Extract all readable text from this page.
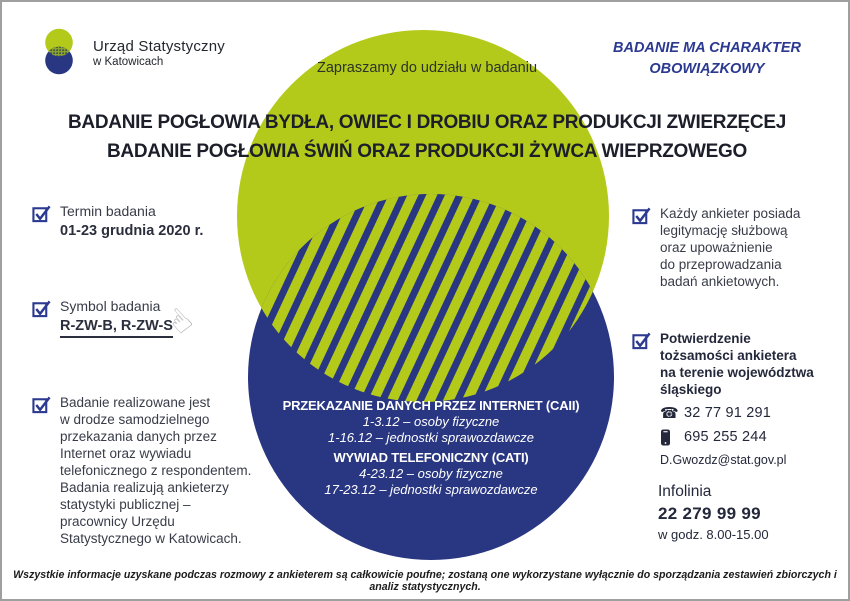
Urząd Statystyczny
w Katowicach
BADANIE MA CHARAKTER
OBOWIĄZKOWY
Zapraszamy do udziału w badaniu
BADANIE POGŁOWIA BYDŁA, OWIEC I DROBIU ORAZ PRODUKCJI ZWIERZĘCEJ
BADANIE POGŁOWIA ŚWIŃ ORAZ PRODUKCJI ŻYWCA WIEPRZOWEGO
Termin badania
01-23 grudnia 2020 r.
Symbol badania
R-ZW-B, R-ZW-S
☝
Badanie realizowane jest
w drodze samodzielnego
przekazania danych przez
Internet oraz wywiadu
telefonicznego z respondentem.
Badania realizują ankieterzy
statystyki publicznej –
pracownicy Urzędu
Statystycznego w Katowicach.
PRZEKAZANIE DANYCH PRZEZ INTERNET (CAII)
1-3.12 – osoby fizyczne
1-16.12 – jednostki sprawozdawcze
WYWIAD TELEFONICZNY (CATI)
4-23.12 – osoby fizyczne
17-23.12 – jednostki sprawozdawcze
Każdy ankieter posiada
legitymację służbową
oraz upoważnienie
do przeprowadzania
badań ankietowych.
Potwierdzenie
tożsamości ankietera
na terenie województwa
śląskiego
☎ 32 77 91 291
695 255 244
D.Gwozdz@stat.gov.pl
Infolinia
22 279 99 99
w godz. 8.00-15.00
Wszystkie informacje uzyskane podczas rozmowy z ankieterem są całkowicie poufne; zostaną one wykorzystane wyłącznie do sporządzania zestawień zbiorczych i analiz statystycznych.
